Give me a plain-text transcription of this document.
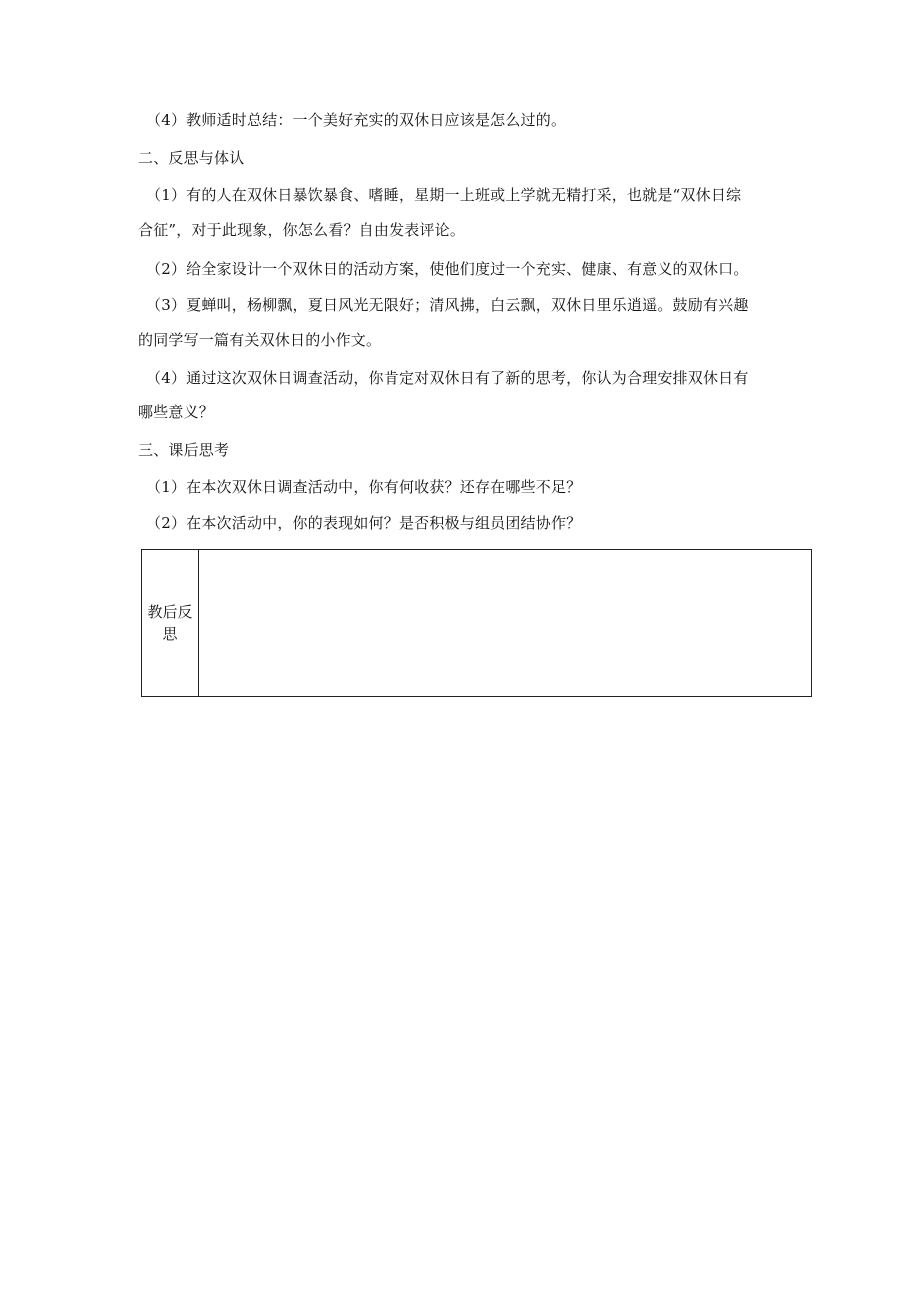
（4）教师适时总结：一个美好充实的双休日应该是怎么过的。
二、反思与体认
（1）有的人在双休日暴饮暴食、嗜睡，星期一上班或上学就无精打采，也就是“双休日综
合征”，对于此现象，你怎么看？自由发表评论。
（2）给全家设计一个双休日的活动方案，使他们度过一个充实、健康、有意义的双休口。
（3）夏蝉叫，杨柳飘，夏日风光无限好；清风拂，白云飘，双休日里乐逍遥。鼓励有兴趣
的同学写一篇有关双休日的小作文。
（4）通过这次双休日调查活动，你肯定对双休日有了新的思考，你认为合理安排双休日有
哪些意义？
三、课后思考
（1）在本次双休日调查活动中，你有何收获？还存在哪些不足？
（2）在本次活动中，你的表现如何？是否积极与组员团结协作？
教后反思	
